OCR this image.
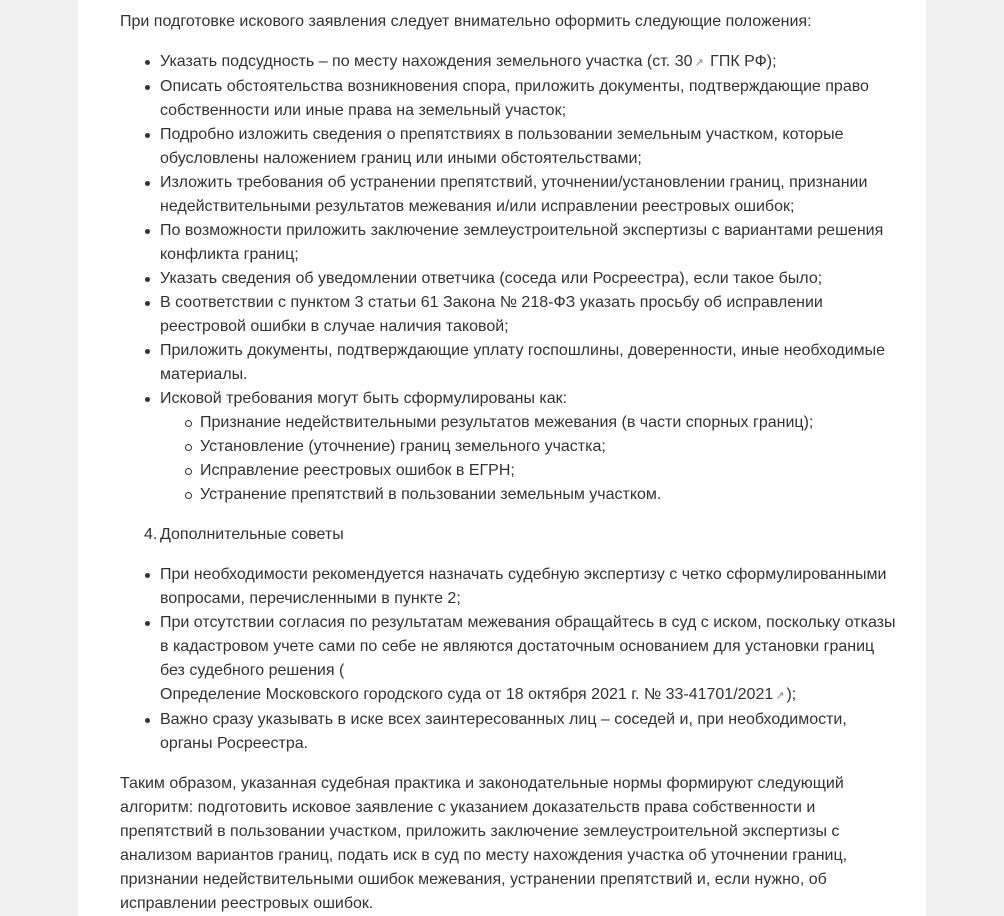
При подготовке искового заявления следует внимательно оформить следующие положения:

Указать подсудность – по месту нахождения земельного участка (ст. 30 ↗ ГПК РФ);
Описать обстоятельства возникновения спора, приложить документы, подтверждающие право собственности или иные права на земельный участок;
Подробно изложить сведения о препятствиях в пользовании земельным участком, которые обусловлены наложением границ или иными обстоятельствами;
Изложить требования об устранении препятствий, уточнении/установлении границ, признании недействительными результатов межевания и/или исправлении реестровых ошибок;
По возможности приложить заключение землеустроительной экспертизы с вариантами решения конфликта границ;
Указать сведения об уведомлении ответчика (соседа или Росреестра), если такое было;
В соответствии с пунктом 3 статьи 61 Закона № 218-ФЗ указать просьбу об исправлении реестровой ошибки в случае наличия таковой;
Приложить документы, подтверждающие уплату госпошлины, доверенности, иные необходимые материалы.
Исковой требования могут быть сформулированы как:
Признание недействительными результатов межевания (в части спорных границ);
Установление (уточнение) границ земельного участка;
Исправление реестровых ошибок в ЕГРН;
Устранение препятствий в пользовании земельным участком.
4. Дополнительные советы
При необходимости рекомендуется назначать судебную экспертизу с четко сформулированными вопросами, перечисленными в пункте 2;
При отсутствии согласия по результатам межевания обращайтесь в суд с иском, поскольку отказы в кадастровом учете сами по себе не являются достаточным основанием для установки границ без судебного решения (
Определение Московского городского суда от 18 октября 2021 г. № 33-41701/2021 ↗ );
Важно сразу указывать в иске всех заинтересованных лиц – соседей и, при необходимости, органы Росреестра.

Таким образом, указанная судебная практика и законодательные нормы формируют следующий алгоритм: подготовить исковое заявление с указанием доказательств права собственности и препятствий в пользовании участком, приложить заключение землеустроительной экспертизы с анализом вариантов границ, подать иск в суд по месту нахождения участка об уточнении границ, признании недействительными ошибок межевания, устранении препятствий и, если нужно, об исправлении реестровых ошибок.
